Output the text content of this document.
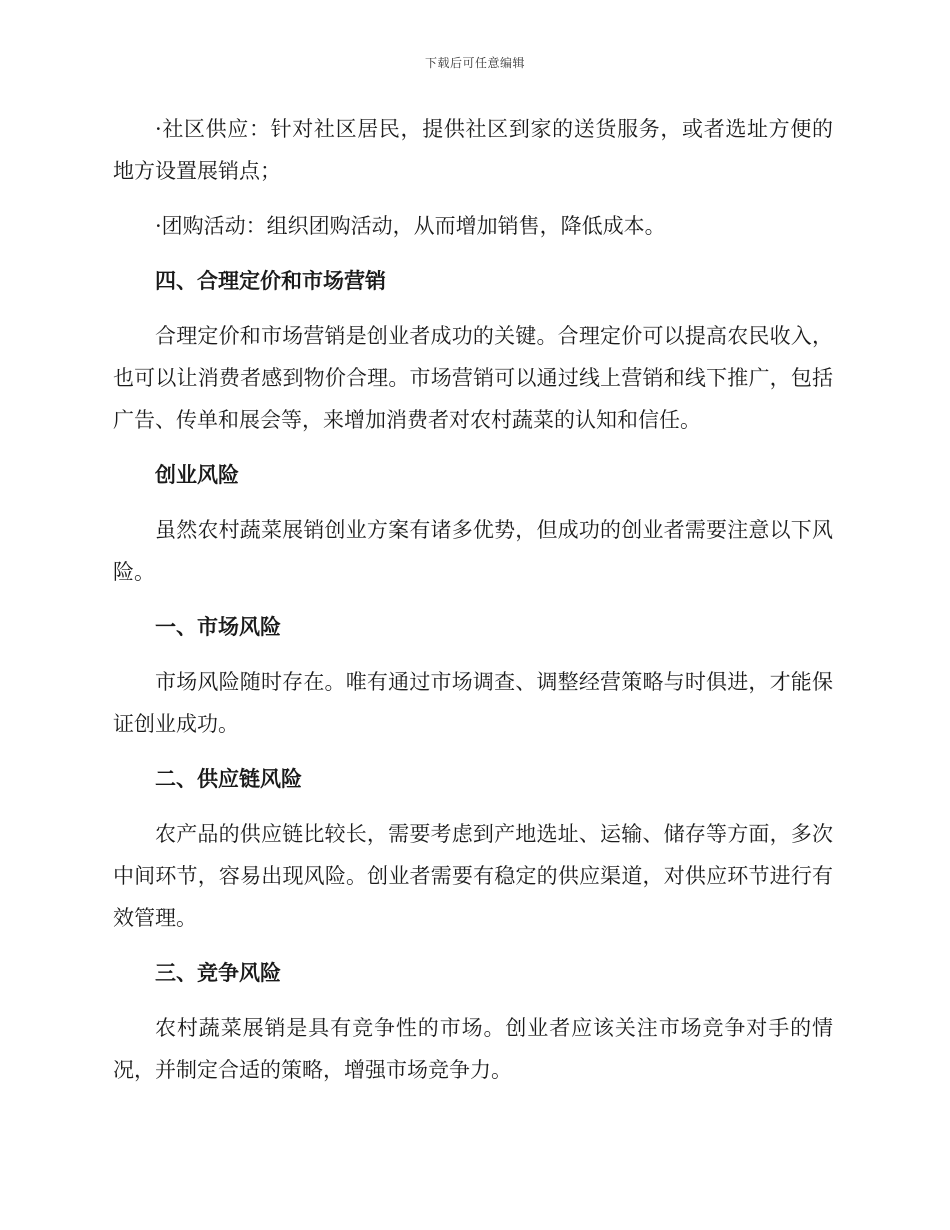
下载后可任意编辑

·社区供应：针对社区居民，提供社区到家的送货服务，或者选址方便的地方设置展销点；

·团购活动：组织团购活动，从而增加销售，降低成本。

四、合理定价和市场营销

合理定价和市场营销是创业者成功的关键。合理定价可以提高农民收入，也可以让消费者感到物价合理。市场营销可以通过线上营销和线下推广，包括广告、传单和展会等，来增加消费者对农村蔬菜的认知和信任。

创业风险

虽然农村蔬菜展销创业方案有诸多优势，但成功的创业者需要注意以下风险。

一、市场风险

市场风险随时存在。唯有通过市场调查、调整经营策略与时俱进，才能保证创业成功。

二、供应链风险

农产品的供应链比较长，需要考虑到产地选址、运输、储存等方面，多次中间环节，容易出现风险。创业者需要有稳定的供应渠道，对供应环节进行有效管理。

三、竞争风险

农村蔬菜展销是具有竞争性的市场。创业者应该关注市场竞争对手的情况，并制定合适的策略，增强市场竞争力。
